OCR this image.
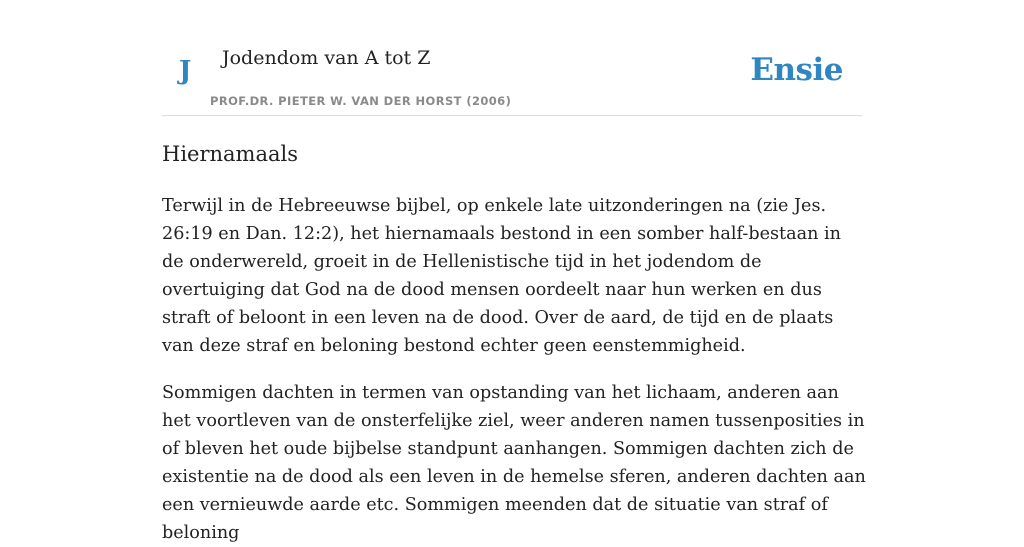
J Jodendom van A tot Z
PROF.DR. PIETER W. VAN DER HORST (2006)
Ensie
Hiernamaals

Terwijl in de Hebreeuwse bijbel, op enkele late uitzonderingen na (zie Jes. 26:19 en Dan. 12:2), het hiernamaals bestond in een somber half-bestaan in de onderwereld, groeit in de Hellenistische tijd in het jodendom de overtuiging dat God na de dood mensen oordeelt naar hun werken en dus straft of beloont in een leven na de dood. Over de aard, de tijd en de plaats van deze straf en beloning bestond echter geen eenstemmigheid.

Sommigen dachten in termen van opstanding van het lichaam, anderen aan het voortleven van de onsterfelijke ziel, weer anderen namen tussenposities in of bleven het oude bijbelse standpunt aanhangen. Sommigen dachten zich de existentie na de dood als een leven in de hemelse sferen, anderen dachten aan een vernieuwde aarde etc. Sommigen meenden dat de situatie van straf of beloning
